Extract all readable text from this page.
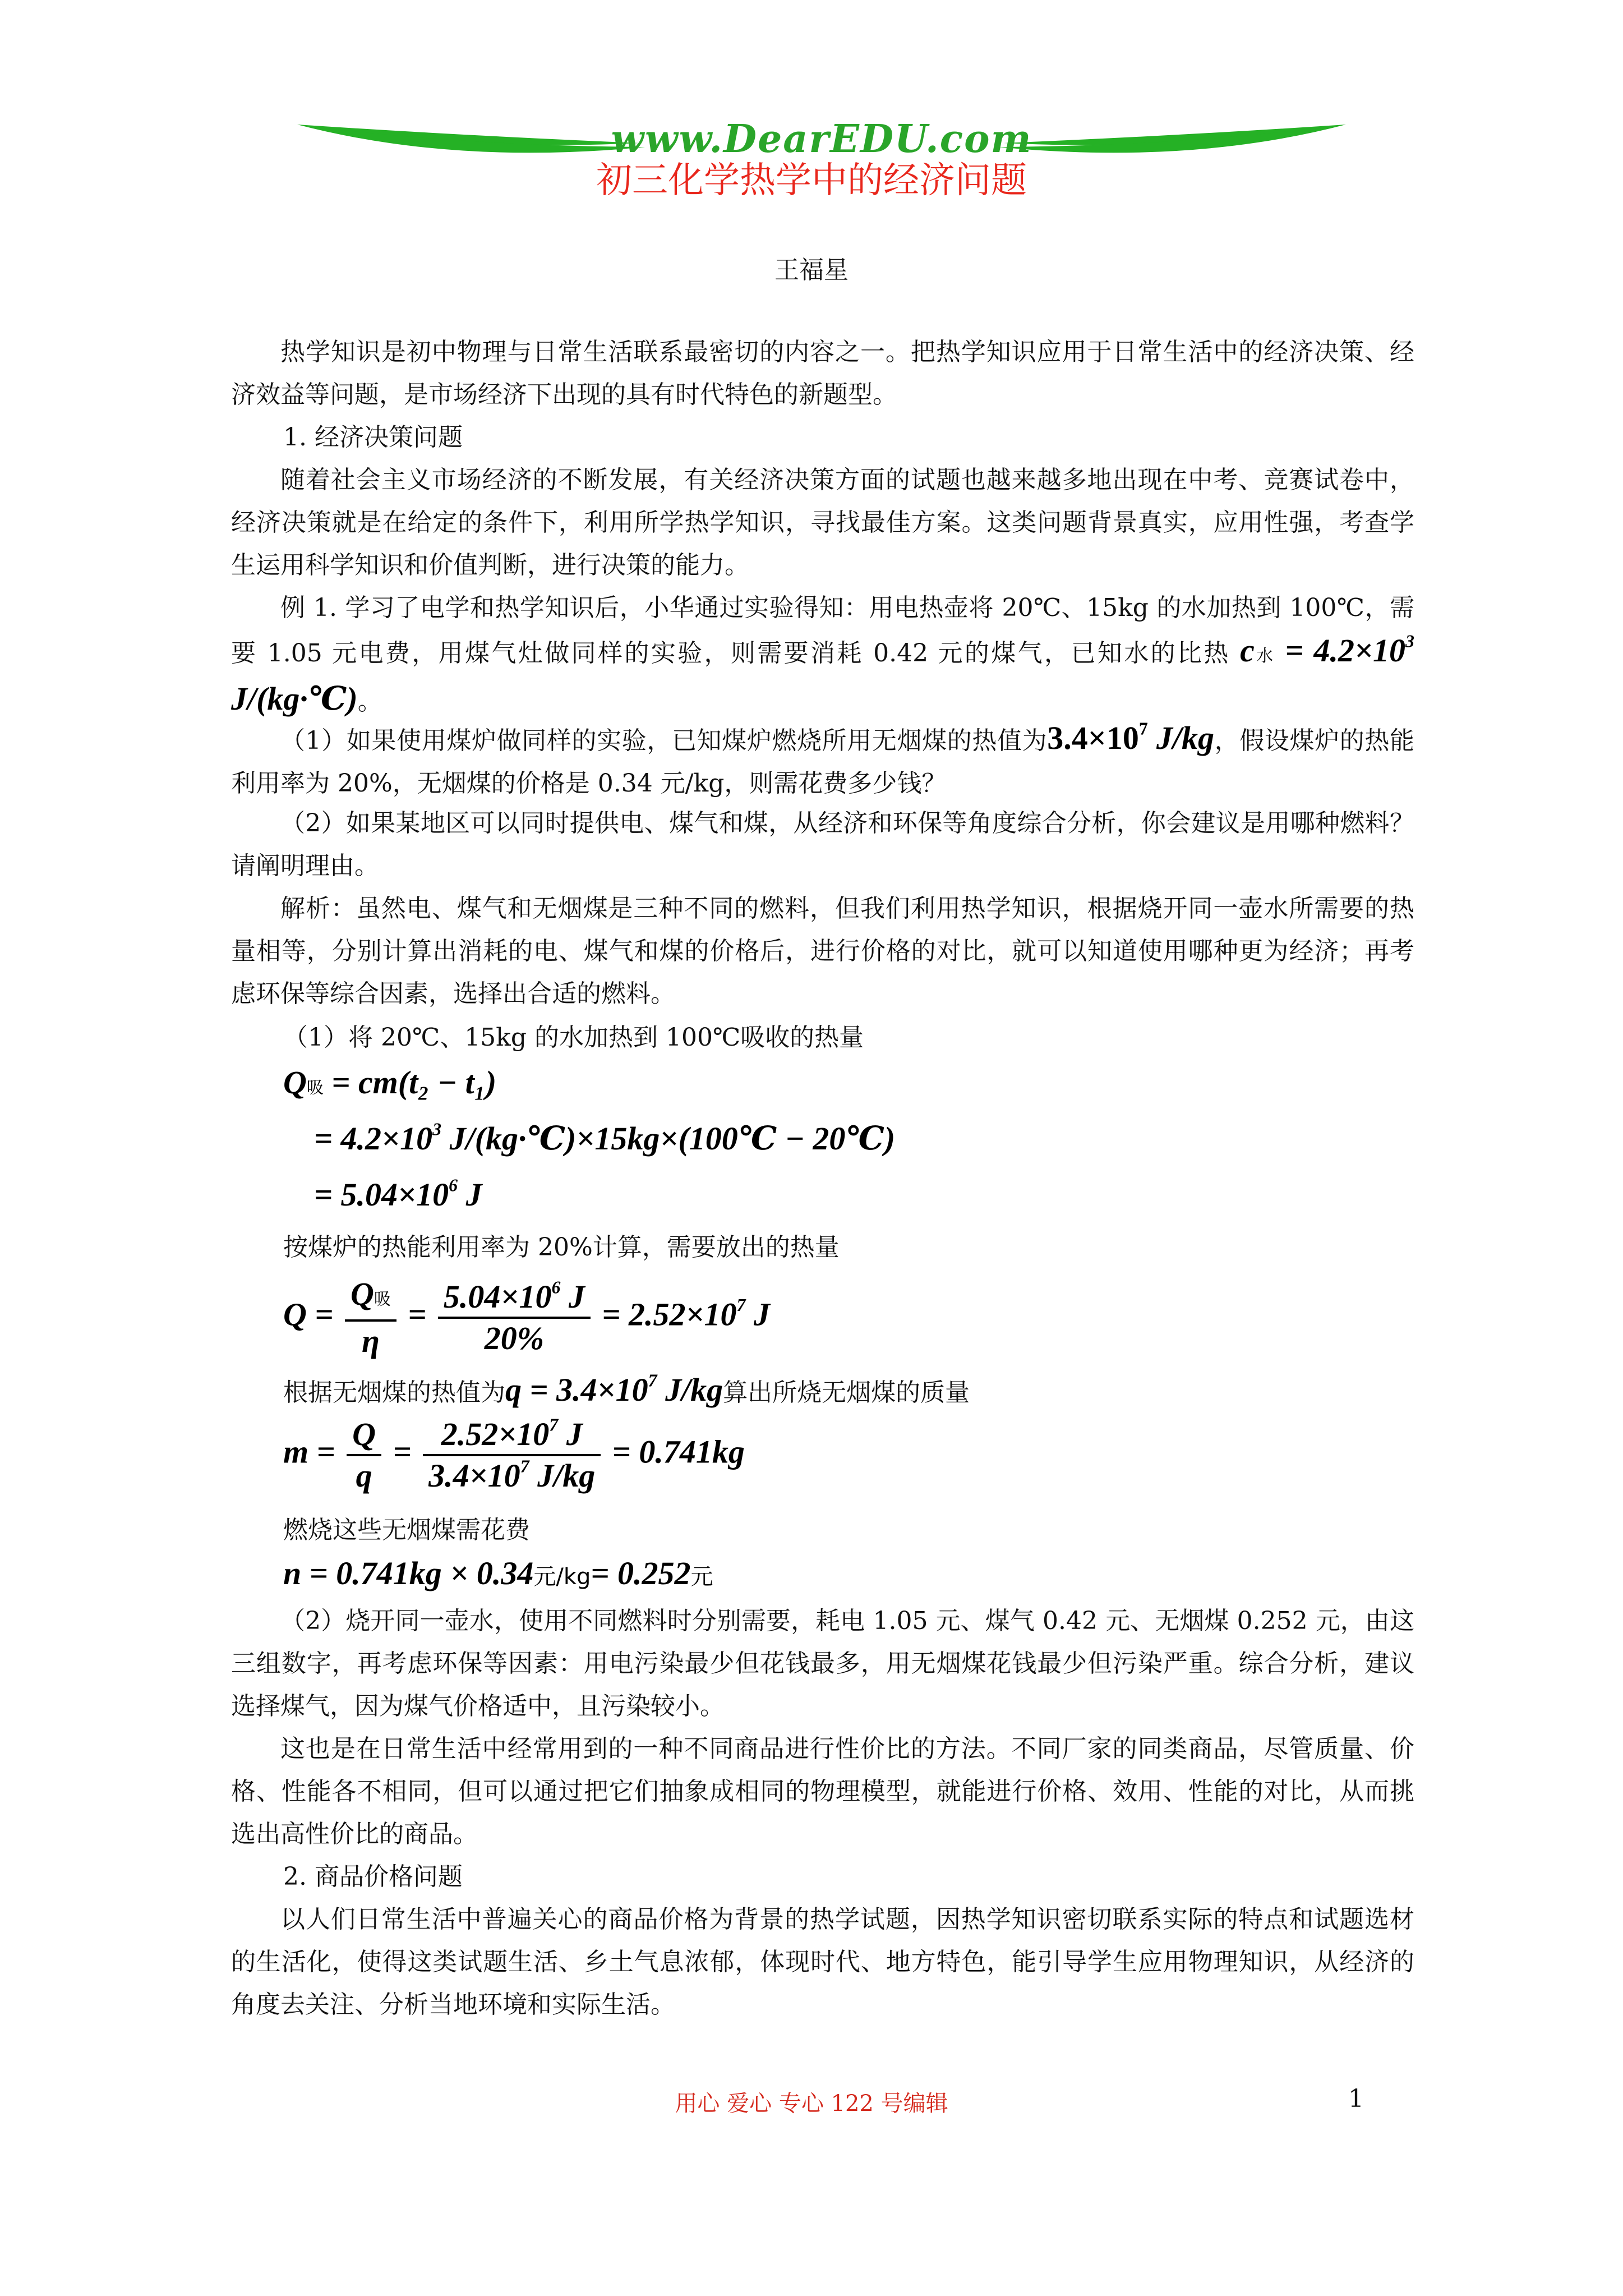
www.DearEDU.com
初三化学热学中的经济问题
王福星
热学知识是初中物理与日常生活联系最密切的内容之一。把热学知识应用于日常生活中的经济决策、经济效益等问题，是市场经济下出现的具有时代特色的新题型。
1. 经济决策问题
随着社会主义市场经济的不断发展，有关经济决策方面的试题也越来越多地出现在中考、竞赛试卷中，经济决策就是在给定的条件下，利用所学热学知识，寻找最佳方案。这类问题背景真实，应用性强，考查学生运用科学知识和价值判断，进行决策的能力。
例 1. 学习了电学和热学知识后，小华通过实验得知：用电热壶将 20℃、15kg 的水加热到 100℃，需要 1.05 元电费，用煤气灶做同样的实验，则需要消耗 0.42 元的煤气，已知水的比热 c水 = $4.2\times 10^3$ J/(kg·℃)。
（1）如果使用煤炉做同样的实验，已知煤炉燃烧所用无烟煤的热值为$3.4\times 10^7$ J/kg，假设煤炉的热能利用率为 20%，无烟煤的价格是 0.34 元/kg，则需花费多少钱？
（2）如果某地区可以同时提供电、煤气和煤，从经济和环保等角度综合分析，你会建议是用哪种燃料？请阐明理由。
解析：虽然电、煤气和无烟煤是三种不同的燃料，但我们利用热学知识，根据烧开同一壶水所需要的热量相等，分别计算出消耗的电、煤气和煤的价格后，进行价格的对比，就可以知道使用哪种更为经济；再考虑环保等综合因素，选择出合适的燃料。
（1）将 20℃、15kg 的水加热到 100℃吸收的热量
Q吸 = cm(t₂ − t₁)
= $4.2\times 10^3$ J/(kg·℃)×15kg×(100℃ − 20℃)
= $5.04\times 10^6$ J
按煤炉的热能利用率为 20%计算，需要放出的热量
$Q = \frac{\text{Q吸}}{\eta} = \frac{5.04\times 10^6 J}{20\%} = 2.52\times 10^7$ J
根据无烟煤的热值为$q = 3.4\times 10^7$ J/kg算出所烧无烟煤的质量
$m = \frac{Q}{q} = \frac{2.52\times 10^7 J}{3.4\times 10^7 J/kg} = 0.741kg$
燃烧这些无烟煤需花费
n = 0.741kg × 0.34元/kg= 0.252元
（2）烧开同一壶水，使用不同燃料时分别需要，耗电 1.05 元、煤气 0.42 元、无烟煤 0.252 元，由这三组数字，再考虑环保等因素：用电污染最少但花钱最多，用无烟煤花钱最少但污染严重。综合分析，建议选择煤气，因为煤气价格适中，且污染较小。
这也是在日常生活中经常用到的一种不同商品进行性价比的方法。不同厂家的同类商品，尽管质量、价格、性能各不相同，但可以通过把它们抽象成相同的物理模型，就能进行价格、效用、性能的对比，从而挑选出高性价比的商品。
2. 商品价格问题
以人们日常生活中普遍关心的商品价格为背景的热学试题，因热学知识密切联系实际的特点和试题选材的生活化，使得这类试题生活、乡土气息浓郁，体现时代、地方特色，能引导学生应用物理知识，从经济的角度去关注、分析当地环境和实际生活。
用心 爱心 专心 122 号编辑	1
